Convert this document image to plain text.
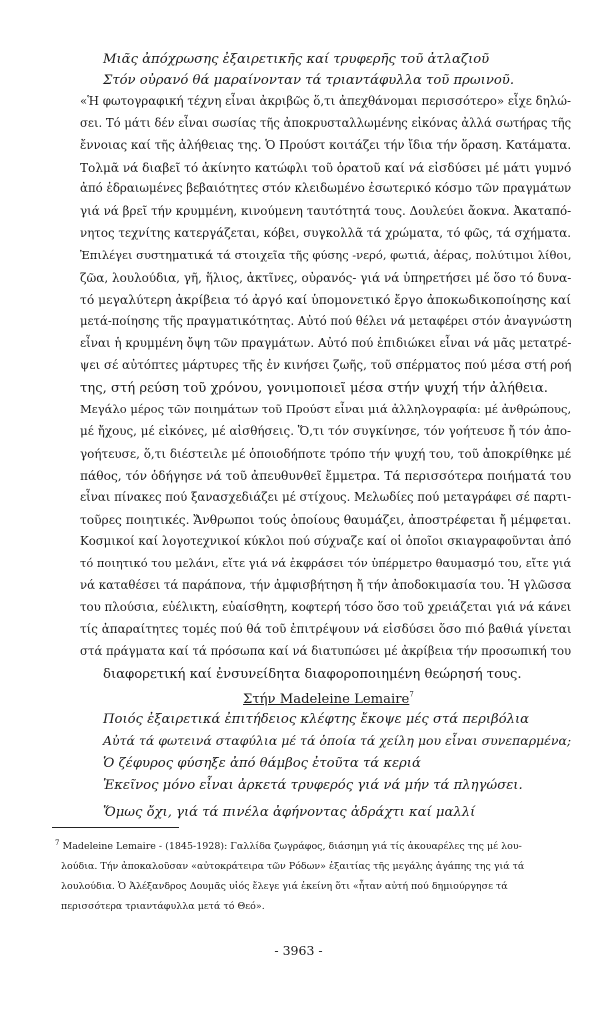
Μιᾶς ἀπόχρωσης ἐξαιρετικῆς καί τρυφερῆς τοῦ ἀτλαζιοῦ
Στόν οὐρανό θά μαραίνονταν τά τριαντάφυλλα τοῦ πρωινοῦ.
«Ἡ φωτογραφική τέχνη εἶναι ἀκριβῶς ὅ,τι ἀπεχθάνομαι περισσότερο» εἶχε δηλώ-
σει. Τό μάτι δέν εἶναι σωσίας τῆς ἀποκρυσταλλωμένης εἰκόνας ἀλλά σωτήρας τῆς
ἔννοιας καί τῆς ἀλήθειας της. Ὁ Προύστ κοιτάζει τήν ἴδια τήν ὅραση. Κατάματα.
Τολμᾶ νά διαβεῖ τό ἀκίνητο κατώφλι τοῦ ὁρατοῦ καί νά εἰσδύσει μέ μάτι γυμνό
ἀπό ἑδραιωμένες βεβαιότητες στόν κλειδωμένο ἐσωτερικό κόσμο τῶν πραγμάτων
γιά νά βρεῖ τήν κρυμμένη, κινούμενη ταυτότητά τους. Δουλεύει ἄοκνα. Ἀκαταπό-
νητος τεχνίτης κατεργάζεται, κόβει, συγκολλᾶ τά χρώματα, τό φῶς, τά σχήματα.
Ἐπιλέγει συστηματικά τά στοιχεῖα τῆς φύσης -νερό, φωτιά, ἀέρας, πολύτιμοι λίθοι,
ζῶα, λουλούδια, γῆ, ἥλιος, ἀκτῖνες, οὐρανός- γιά νά ὑπηρετήσει μέ ὅσο τό δυνα-
τό μεγαλύτερη ἀκρίβεια τό ἀργό καί ὑπομονετικό ἔργο ἀποκωδικοποίησης καί
μετά-ποίησης τῆς πραγματικότητας. Αὐτό πού θέλει νά μεταφέρει στόν ἀναγνώστη
εἶναι ἡ κρυμμένη ὄψη τῶν πραγμάτων. Αὐτό πού ἐπιδιώκει εἶναι νά μᾶς μετατρέ-
ψει σέ αὐτόπτες μάρτυρες τῆς ἐν κινήσει ζωῆς, τοῦ σπέρματος πού μέσα στή ροή
της, στή ρεύση τοῦ χρόνου, γονιμοποιεῖ μέσα στήν ψυχή τήν ἀλήθεια.
Μεγάλο μέρος τῶν ποιημάτων τοῦ Προύστ εἶναι μιά ἀλληλογραφία: μέ ἀνθρώπους,
μέ ἤχους, μέ εἰκόνες, μέ αἰσθήσεις. Ὅ,τι τόν συγκίνησε, τόν γοήτευσε ἤ τόν ἀπο-
γοήτευσε, ὅ,τι διέστειλε μέ ὁποιοδήποτε τρόπο τήν ψυχή του, τοῦ ἀποκρίθηκε μέ
πάθος, τόν ὁδήγησε νά τοῦ ἀπευθυνθεῖ ἔμμετρα. Τά περισσότερα ποιήματά του
εἶναι πίνακες πού ξανασχεδιάζει μέ στίχους. Μελωδίες πού μεταγράφει σέ παρτι-
τοῦρες ποιητικές. Ἄνθρωποι τούς ὁποίους θαυμάζει, ἀποστρέφεται ἤ μέμφεται.
Κοσμικοί καί λογοτεχνικοί κύκλοι πού σύχναζε καί οἱ ὁποῖοι σκιαγραφοῦνται ἀπό
τό ποιητικό του μελάνι, εἴτε γιά νά ἐκφράσει τόν ὑπέρμετρο θαυμασμό του, εἴτε γιά
νά καταθέσει τά παράπονα, τήν ἀμφισβήτηση ἤ τήν ἀποδοκιμασία του. Ἡ γλῶσσα
του πλούσια, εὐέλικτη, εὐαίσθητη, κοφτερή τόσο ὅσο τοῦ χρειάζεται γιά νά κάνει
τίς ἀπαραίτητες τομές πού θά τοῦ ἐπιτρέψουν νά εἰσδύσει ὅσο πιό βαθιά γίνεται
στά πράγματα καί τά πρόσωπα καί νά διατυπώσει μέ ἀκρίβεια τήν προσωπική του
διαφορετική καί ἐνσυνείδητα διαφοροποιημένη θεώρησή τους.
Στήν Madeleine Lemaire$^7$
Ποιός ἐξαιρετικά ἐπιτήδειος κλέφτης ἔκοψε μές στά περιβόλια
Αὐτά τά φωτεινά σταφύλια μέ τά ὁποία τά χείλη μου εἶναι συνεπαρμένα;
Ὁ ζέφυρος φύσηξε ἀπό θάμβος ἐτοῦτα τά κεριά
Ἐκεῖνος μόνο εἶναι ἀρκετά τρυφερός γιά νά μήν τά πληγώσει.
Ὅμως ὄχι, γιά τά πινέλα ἀφήνοντας ἀδράχτι καί μαλλί
$^7$ Madeleine Lemaire - (1845-1928): Γαλλίδα ζωγράφος, διάσημη γιά τίς ἀκουαρέλες της μέ λου-
λούδια. Τήν ἀποκαλοῦσαν «αὐτοκράτειρα τῶν Ρόδων» ἐξαιτίας τῆς μεγάλης ἀγάπης της γιά τά
λουλούδια. Ὁ Ἀλέξανδρος Δουμᾶς υἱός ἔλεγε γιά ἐκείνη ὅτι «ἦταν αὐτή πού δημιούργησε τά
περισσότερα τριαντάφυλλα μετά τό Θεό».
- 3963 -
